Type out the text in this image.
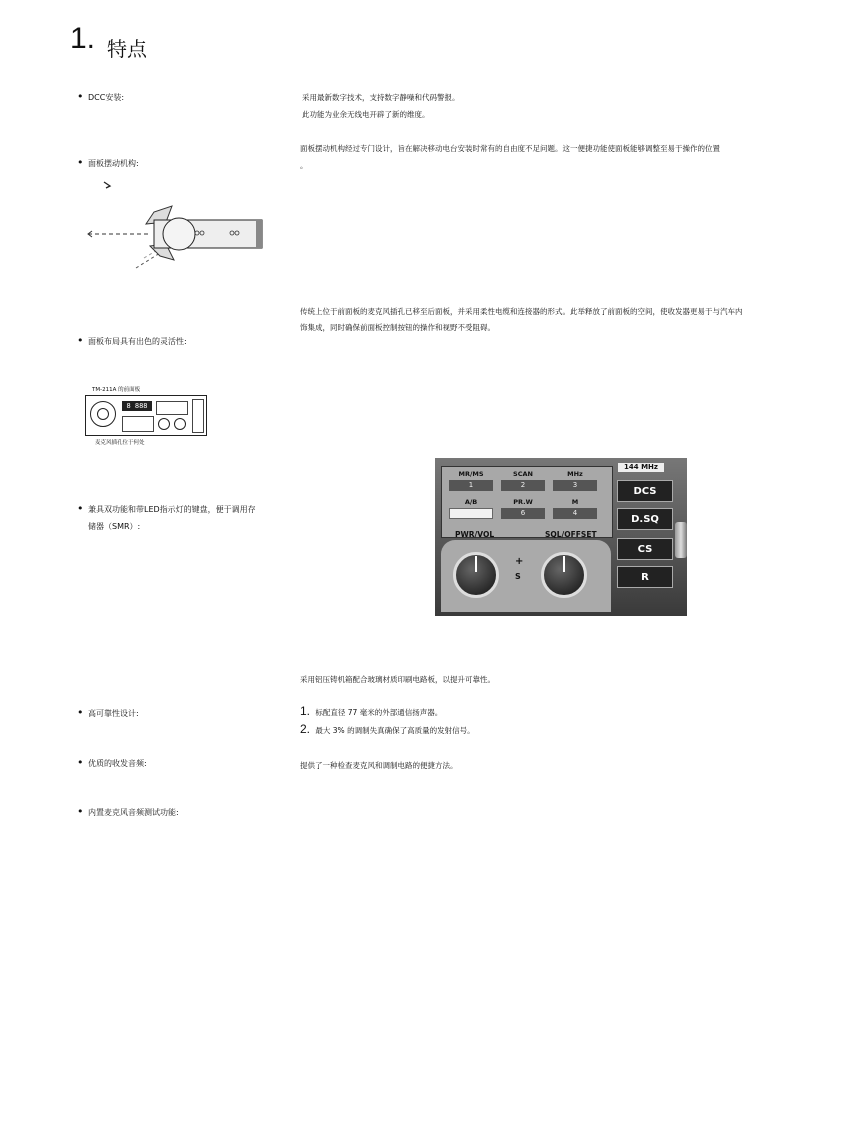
1. 特点
• DCC安装:
• 面板摆动机构:
• 面板布局具有出色的灵活性:
• 兼具双功能和带LED指示灯的键盘，便于调用存
储器（SMR）:
• 高可靠性设计:
• 优质的收发音频:
• 内置麦克风音频测试功能:
采用最新数字技术，支持数字静噪和代码警报。
此功能为业余无线电开辟了新的维度。
面板摆动机构经过专门设计，旨在解决移动电台安装时常有的自由度不足问题。这一便捷功能使面板能够调整至易于操作的位置
。
传统上位于前面板的麦克风插孔已移至后面板，并采用柔性电缆和连接器的形式。此举释放了前面板的空间，使收发器更易于与汽车内
饰集成，同时确保前面板控制按钮的操作和视野不受阻碍。
采用铝压铸机箱配合玻璃材质印刷电路板，以提升可靠性。
1. 标配直径 77 毫米的外部通信扬声器。
2. 最大 3% 的调制失真确保了高质量的发射信号。
提供了一种检查麦克风和调制电路的便捷方法。
TM-211A 的前面板
8 888
麦克风插孔位于何处
144 MHz
MR/MS
1
SCAN
2
MHz
3
A/B	PR.W
6
M
4
PWR/VOL	SQL/OFFSET
+
S
DCS
D.SQ
CS
R
